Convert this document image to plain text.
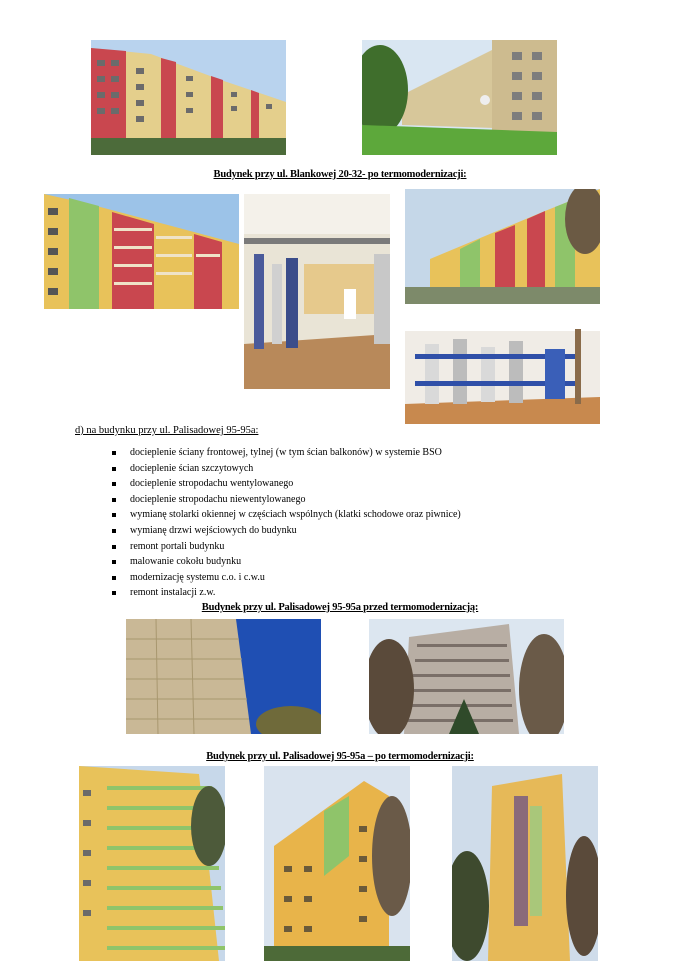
Budynek przy ul. Blankowej 20-32- po termomodernizacji:
d) na budynku przy ul. Palisadowej 95-95a:
docieplenie ściany frontowej, tylnej (w tym ścian balkonów) w systemie BSO
docieplenie ścian szczytowych
docieplenie stropodachu wentylowanego
docieplenie stropodachu niewentylowanego
wymianę stolarki okiennej w częściach wspólnych (klatki schodowe oraz piwnice)
wymianę drzwi wejściowych do budynku
remont portali budynku
malowanie cokołu budynku
modernizację systemu c.o. i c.w.u
remont instalacji z.w.
Budynek przy ul. Palisadowej 95-95a przed termomodernizacją:
Budynek przy ul. Palisadowej 95-95a – po termomodernizacji:
